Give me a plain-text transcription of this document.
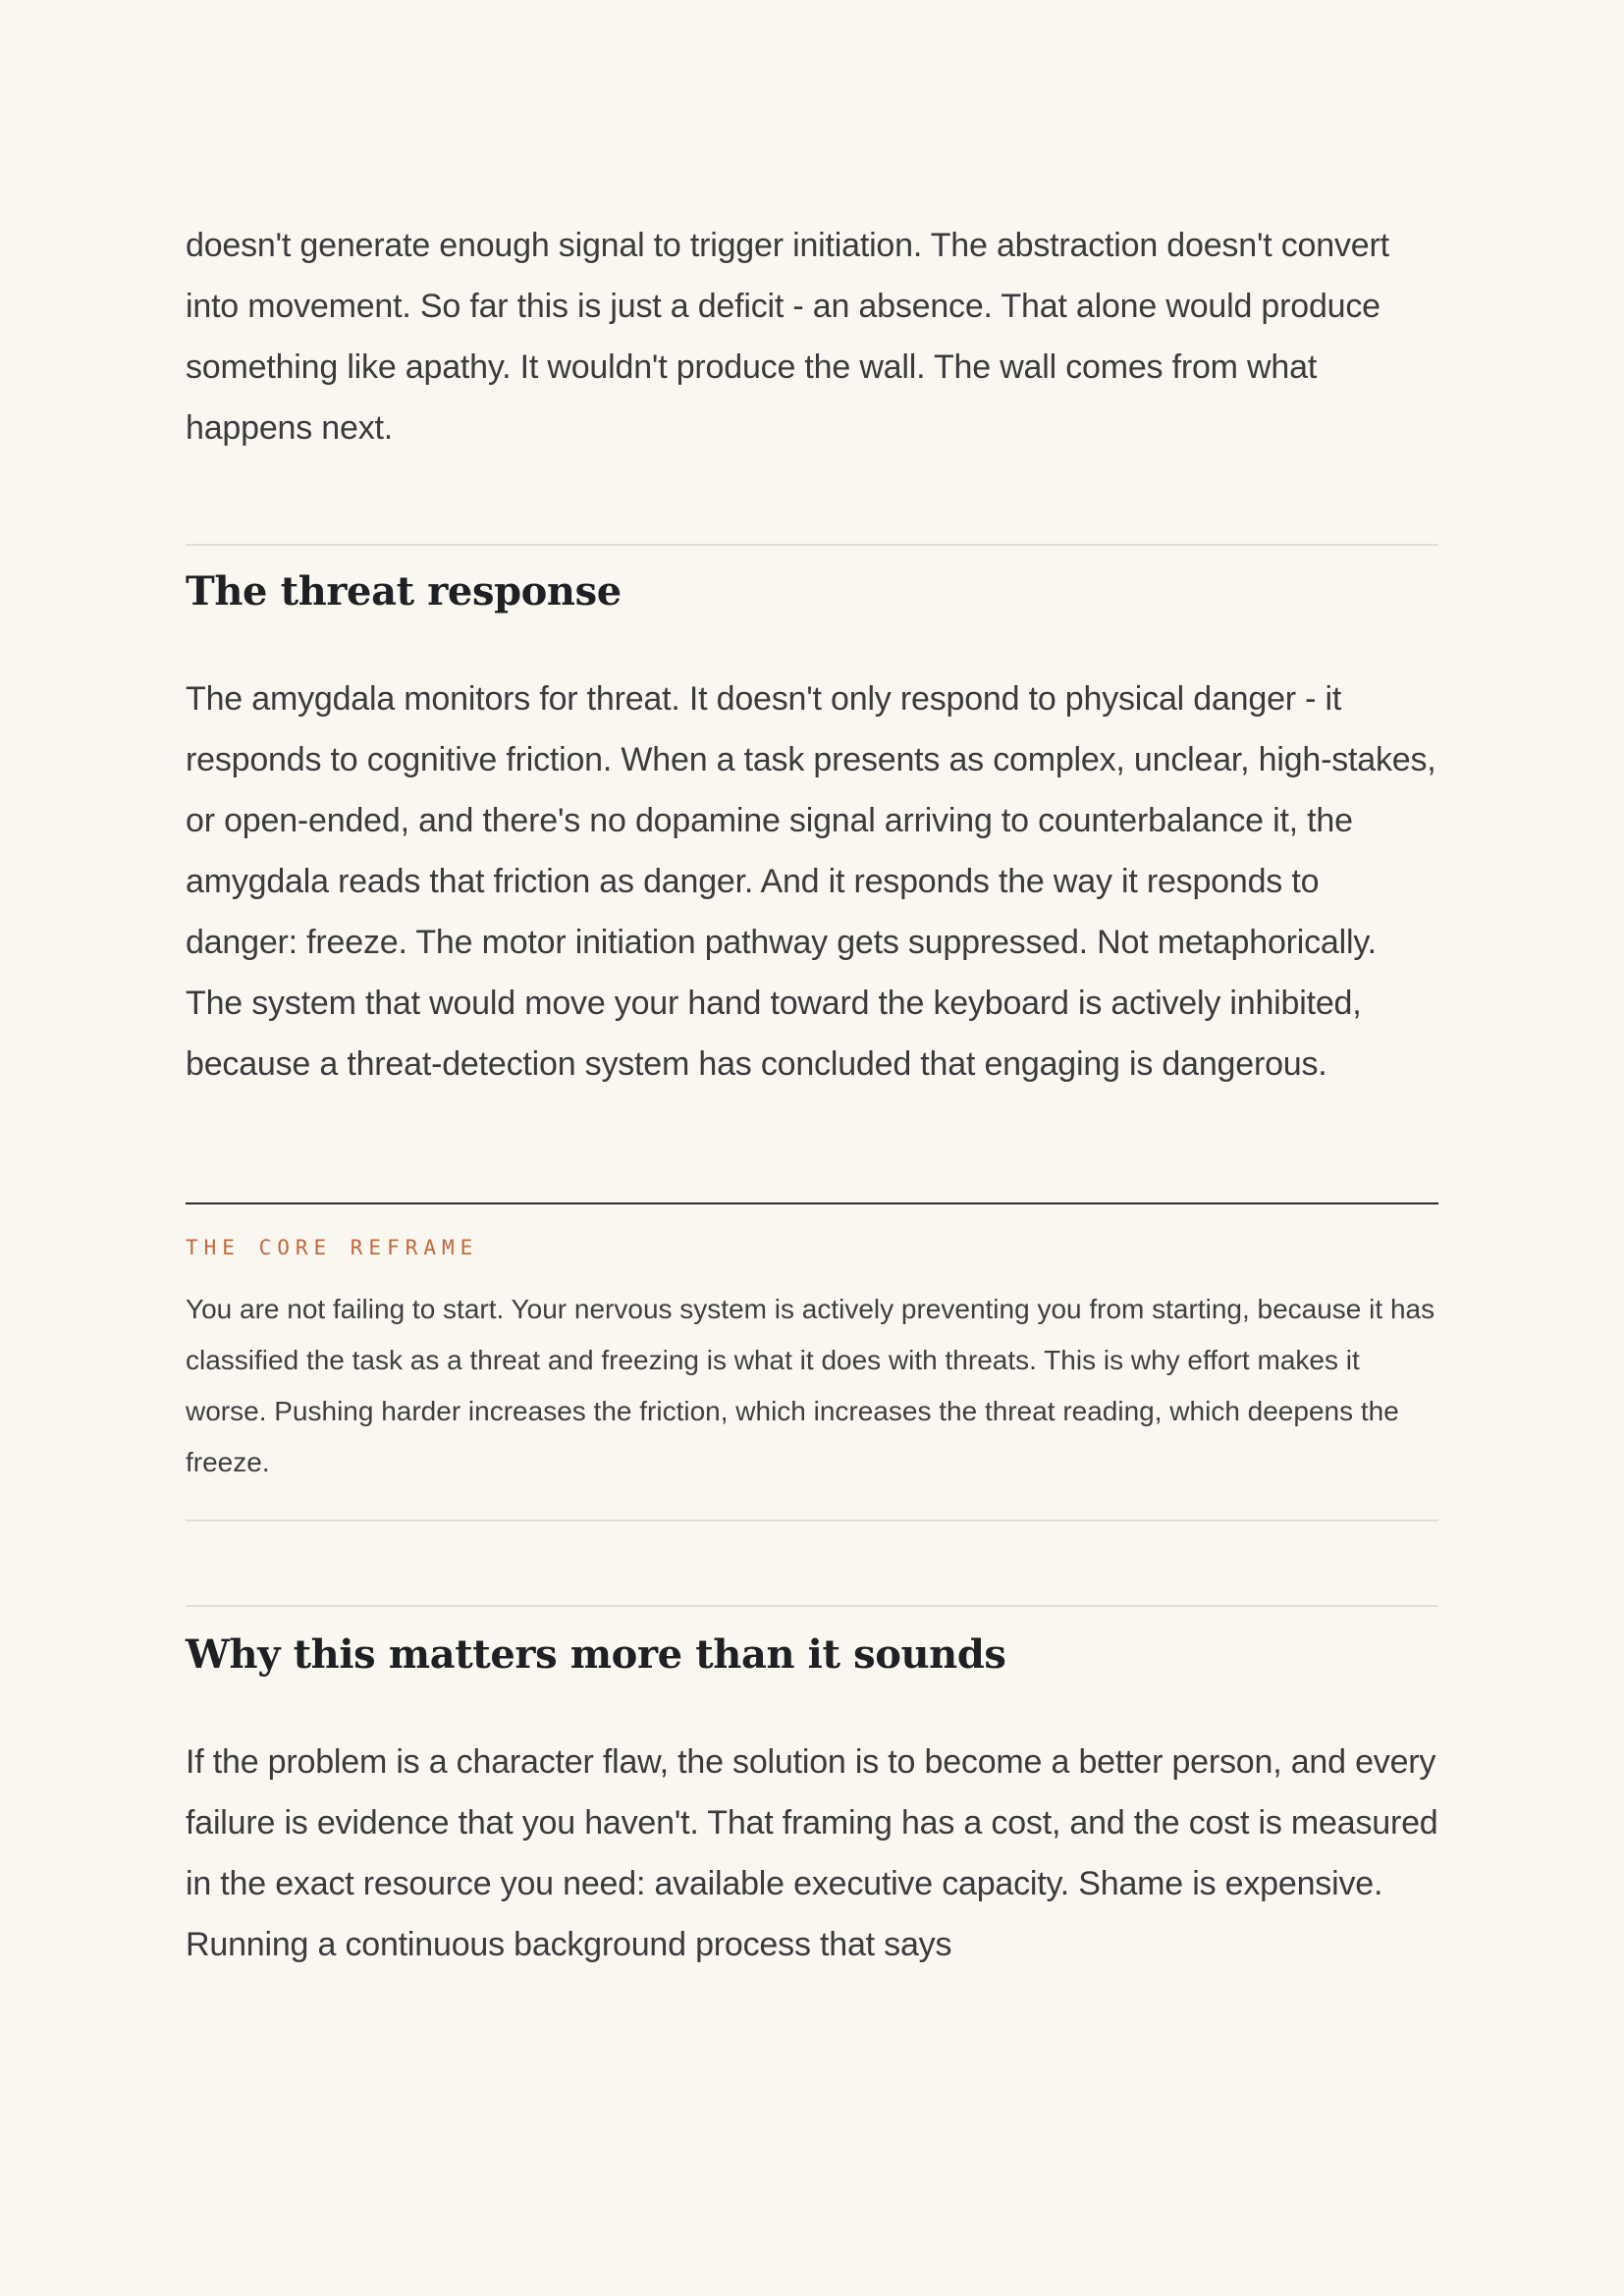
doesn't generate enough signal to trigger initiation. The abstraction doesn't convert into movement. So far this is just a deficit - an absence. That alone would produce something like apathy. It wouldn't produce the wall. The wall comes from what happens next.

The threat response

The amygdala monitors for threat. It doesn't only respond to physical danger - it responds to cognitive friction. When a task presents as complex, unclear, high-stakes, or open-ended, and there's no dopamine signal arriving to counterbalance it, the amygdala reads that friction as danger. And it responds the way it responds to danger: freeze. The motor initiation pathway gets suppressed. Not metaphorically. The system that would move your hand toward the keyboard is actively inhibited, because a threat-detection system has concluded that engaging is dangerous.

THE CORE REFRAME

You are not failing to start. Your nervous system is actively preventing you from starting, because it has classified the task as a threat and freezing is what it does with threats. This is why effort makes it worse. Pushing harder increases the friction, which increases the threat reading, which deepens the freeze.

Why this matters more than it sounds

If the problem is a character flaw, the solution is to become a better person, and every failure is evidence that you haven't. That framing has a cost, and the cost is measured in the exact resource you need: available executive capacity. Shame is expensive. Running a continuous background process that says
